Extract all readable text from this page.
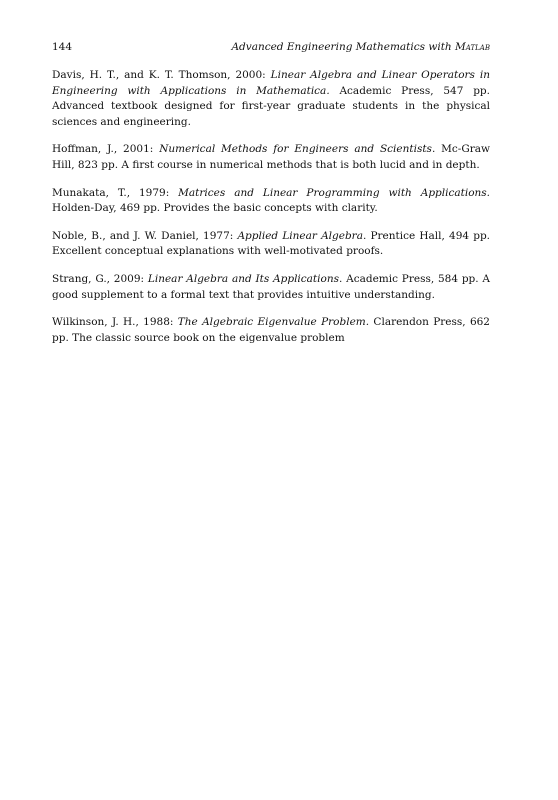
144	Advanced Engineering Mathematics with Matlab

Davis, H. T., and K. T. Thomson, 2000: Linear Algebra and Linear Operators in Engineering with Applications in Mathematica. Academic Press, 547 pp. Advanced textbook designed for first-year graduate students in the physical sciences and engineering.

Hoffman, J., 2001: Numerical Methods for Engineers and Scientists. Mc-Graw Hill, 823 pp. A first course in numerical methods that is both lucid and in depth.

Munakata, T., 1979: Matrices and Linear Programming with Applications. Holden-Day, 469 pp. Provides the basic concepts with clarity.

Noble, B., and J. W. Daniel, 1977: Applied Linear Algebra. Prentice Hall, 494 pp. Excellent conceptual explanations with well-motivated proofs.

Strang, G., 2009: Linear Algebra and Its Applications. Academic Press, 584 pp. A good supplement to a formal text that provides intuitive understanding.

Wilkinson, J. H., 1988: The Algebraic Eigenvalue Problem. Clarendon Press, 662 pp. The classic source book on the eigenvalue problem
